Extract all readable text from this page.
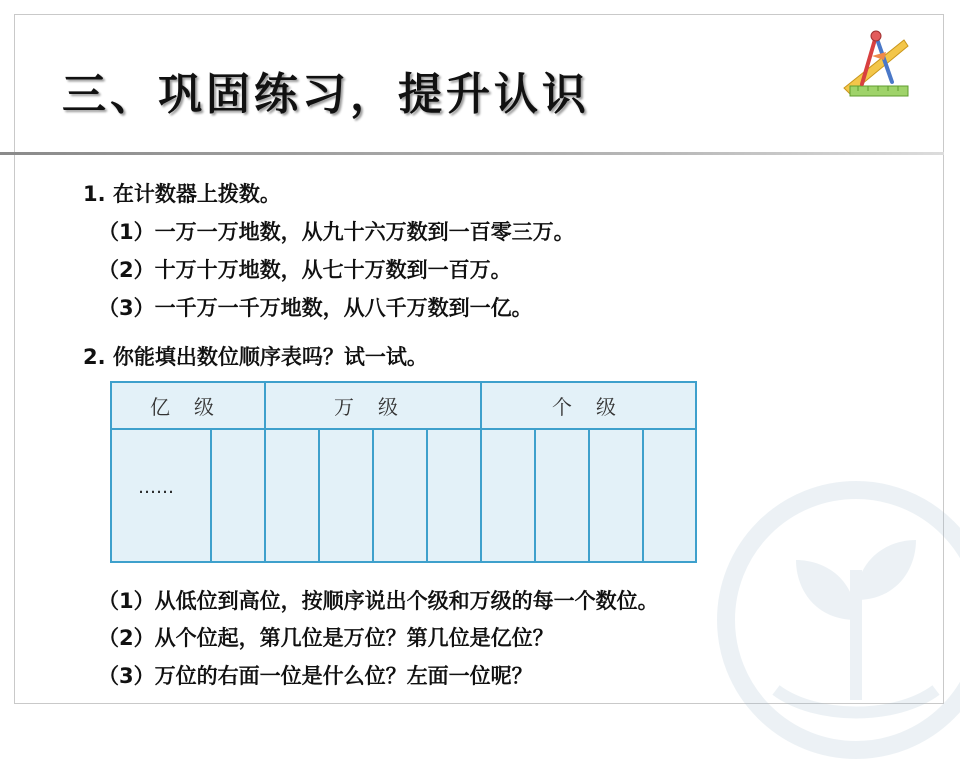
三、巩固练习，提升认识
1. 在计数器上拨数。
（1）一万一万地数，从九十六万数到一百零三万。
（2）十万十万地数，从七十万数到一百万。
（3）一千万一千万地数，从八千万数到一亿。
2. 你能填出数位顺序表吗？试一试。
亿　级	万　级	个　级
……
（1）从低位到高位，按顺序说出个级和万级的每一个数位。
（2）从个位起，第几位是万位？第几位是亿位？
（3）万位的右面一位是什么位？左面一位呢？
